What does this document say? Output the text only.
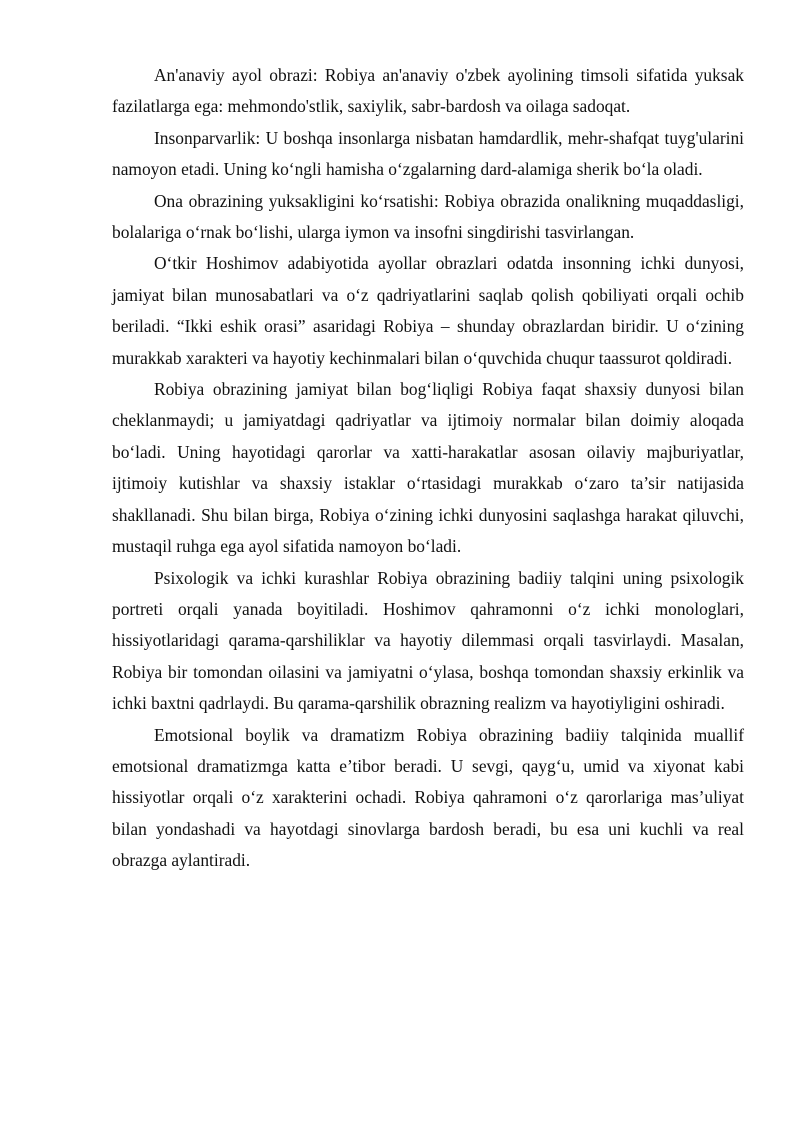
An'anaviy ayol obrazi: Robiya an'anaviy o'zbek ayolining timsoli sifatida yuksak fazilatlarga ega: mehmondo'stlik, saxiylik, sabr-bardosh va oilaga sadoqat.

Insonparvarlik: U boshqa insonlarga nisbatan hamdardlik, mehr-shafqat tuyg'ularini namoyon etadi. Uning ko‘ngli hamisha o‘zgalarning dard-alamiga sherik bo‘la oladi.

Ona obrazining yuksakligini ko‘rsatishi: Robiya obrazida onalikning muqaddasligi, bolalariga o‘rnak bo‘lishi, ularga iymon va insofni singdirishi tasvirlangan.

O‘tkir Hoshimov adabiyotida ayollar obrazlari odatda insonning ichki dunyosi, jamiyat bilan munosabatlari va o‘z qadriyatlarini saqlab qolish qobiliyati orqali ochib beriladi. “Ikki eshik orasi” asaridagi Robiya – shunday obrazlardan biridir. U o‘zining murakkab xarakteri va hayotiy kechinmalari bilan o‘quvchida chuqur taassurot qoldiradi.

Robiya obrazining jamiyat bilan bog‘liqligi Robiya faqat shaxsiy dunyosi bilan cheklanmaydi; u jamiyatdagi qadriyatlar va ijtimoiy normalar bilan doimiy aloqada bo‘ladi. Uning hayotidagi qarorlar va xatti-harakatlar asosan oilaviy majburiyatlar, ijtimoiy kutishlar va shaxsiy istaklar o‘rtasidagi murakkab o‘zaro ta’sir natijasida shakllanadi. Shu bilan birga, Robiya o‘zining ichki dunyosini saqlashga harakat qiluvchi, mustaqil ruhga ega ayol sifatida namoyon bo‘ladi.

Psixologik va ichki kurashlar Robiya obrazining badiiy talqini uning psixologik portreti orqali yanada boyitiladi. Hoshimov qahramonni o‘z ichki monologlari, hissiyotlaridagi qarama-qarshiliklar va hayotiy dilemmasi orqali tasvirlaydi. Masalan, Robiya bir tomondan oilasini va jamiyatni o‘ylasa, boshqa tomondan shaxsiy erkinlik va ichki baxtni qadrlaydi. Bu qarama-qarshilik obrazning realizm va hayotiyligini oshiradi.

Emotsional boylik va dramatizm Robiya obrazining badiiy talqinida muallif emotsional dramatizmga katta e’tibor beradi. U sevgi, qayg‘u, umid va xiyonat kabi hissiyotlar orqali o‘z xarakterini ochadi. Robiya qahramoni o‘z qarorlariga mas’uliyat bilan yondashadi va hayotdagi sinovlarga bardosh beradi, bu esa uni kuchli va real obrazga aylantiradi.
